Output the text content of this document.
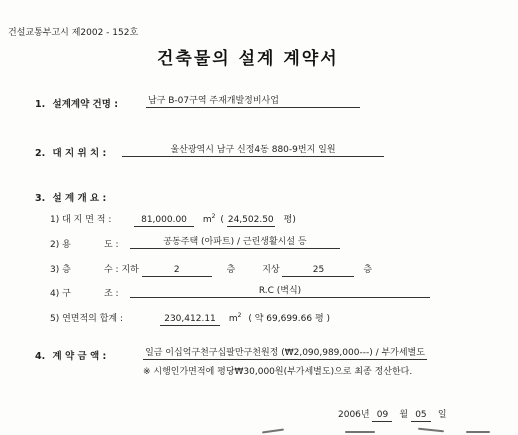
건설교통부고시 제2002 - 152호
건축물의 설계 계약서
1. 설계계약 건명 :	남구 B-07구역 주재개발정비사업
2. 대 지 위 치 :	울산광역시 남구 신정4동 880-9번지 일원
3. 설 계 개 요 :
1) 대 지 면 적 :	81,000.00 $m^2$ ( 24,502.50 평)
2) 용	도 :	공동주택 (아파트) / 근린생활시설 등
3) 층	수 : 지하	2	층	지상	25	층
4) 구	조 :	R.C (벽식)
5) 연면적의 합계 :	230,412.11 $m^2$ ( 약 69,699.66 평 )
4. 계 약 금 액 :	일금 이십억구천구십팔만구천원정 (₩2,090,989,000---) / 부가세별도
※ 시행인가면적에 평당₩30,000원(부가세별도)으로 최종 정산한다.
2006년 09 월 05 일
